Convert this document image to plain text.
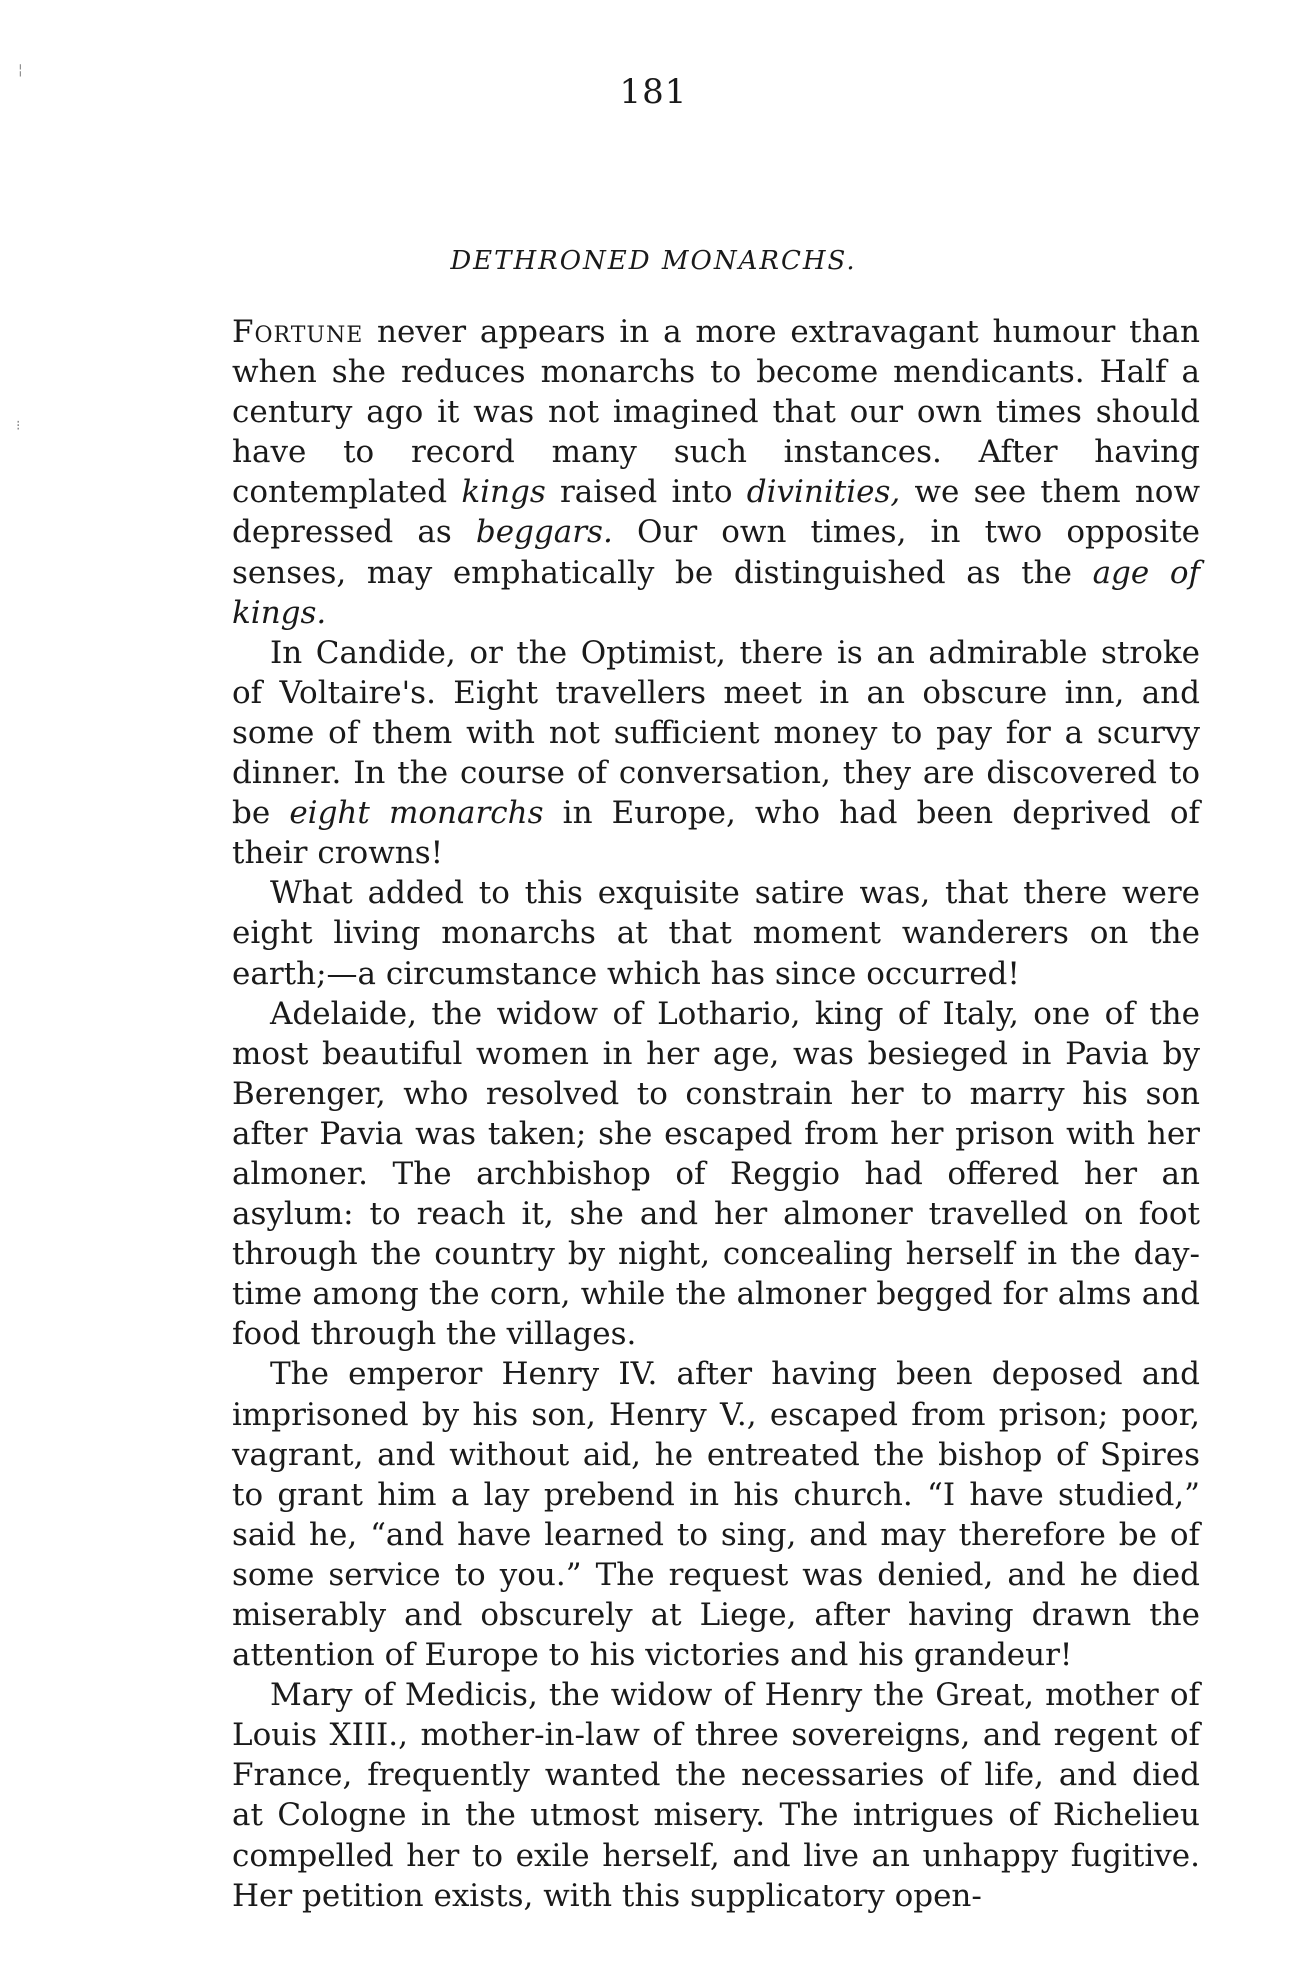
¦
⁝
181
DETHRONED MONARCHS.

Fortune never appears in a more extravagant humour than when she reduces monarchs to become mendicants. Half a century ago it was not imagined that our own times should have to record many such instances. After having contemplated kings raised into divinities, we see them now depressed as beggars. Our own times, in two opposite senses, may emphatically be distinguished as the age of kings.

In Candide, or the Optimist, there is an admirable stroke of Voltaire's. Eight travellers meet in an obscure inn, and some of them with not sufficient money to pay for a scurvy dinner. In the course of conversation, they are discovered to be eight monarchs in Europe, who had been deprived of their crowns!

What added to this exquisite satire was, that there were eight living monarchs at that moment wanderers on the earth;—a circumstance which has since occurred!

Adelaide, the widow of Lothario, king of Italy, one of the most beautiful women in her age, was besieged in Pavia by Berenger, who resolved to constrain her to marry his son after Pavia was taken; she escaped from her prison with her almoner. The archbishop of Reggio had offered her an asylum: to reach it, she and her almoner travelled on foot through the country by night, concealing herself in the day-time among the corn, while the almoner begged for alms and food through the villages.

The emperor Henry IV. after having been deposed and imprisoned by his son, Henry V., escaped from prison; poor, vagrant, and without aid, he entreated the bishop of Spires to grant him a lay prebend in his church. “I have studied,” said he, “and have learned to sing, and may therefore be of some service to you.” The request was denied, and he died miserably and obscurely at Liege, after having drawn the attention of Europe to his victories and his grandeur!

Mary of Medicis, the widow of Henry the Great, mother of Louis XIII., mother-in-law of three sovereigns, and regent of France, frequently wanted the necessaries of life, and died at Cologne in the utmost misery. The intrigues of Richelieu compelled her to exile herself, and live an unhappy fugitive. Her petition exists, with this supplicatory open-
